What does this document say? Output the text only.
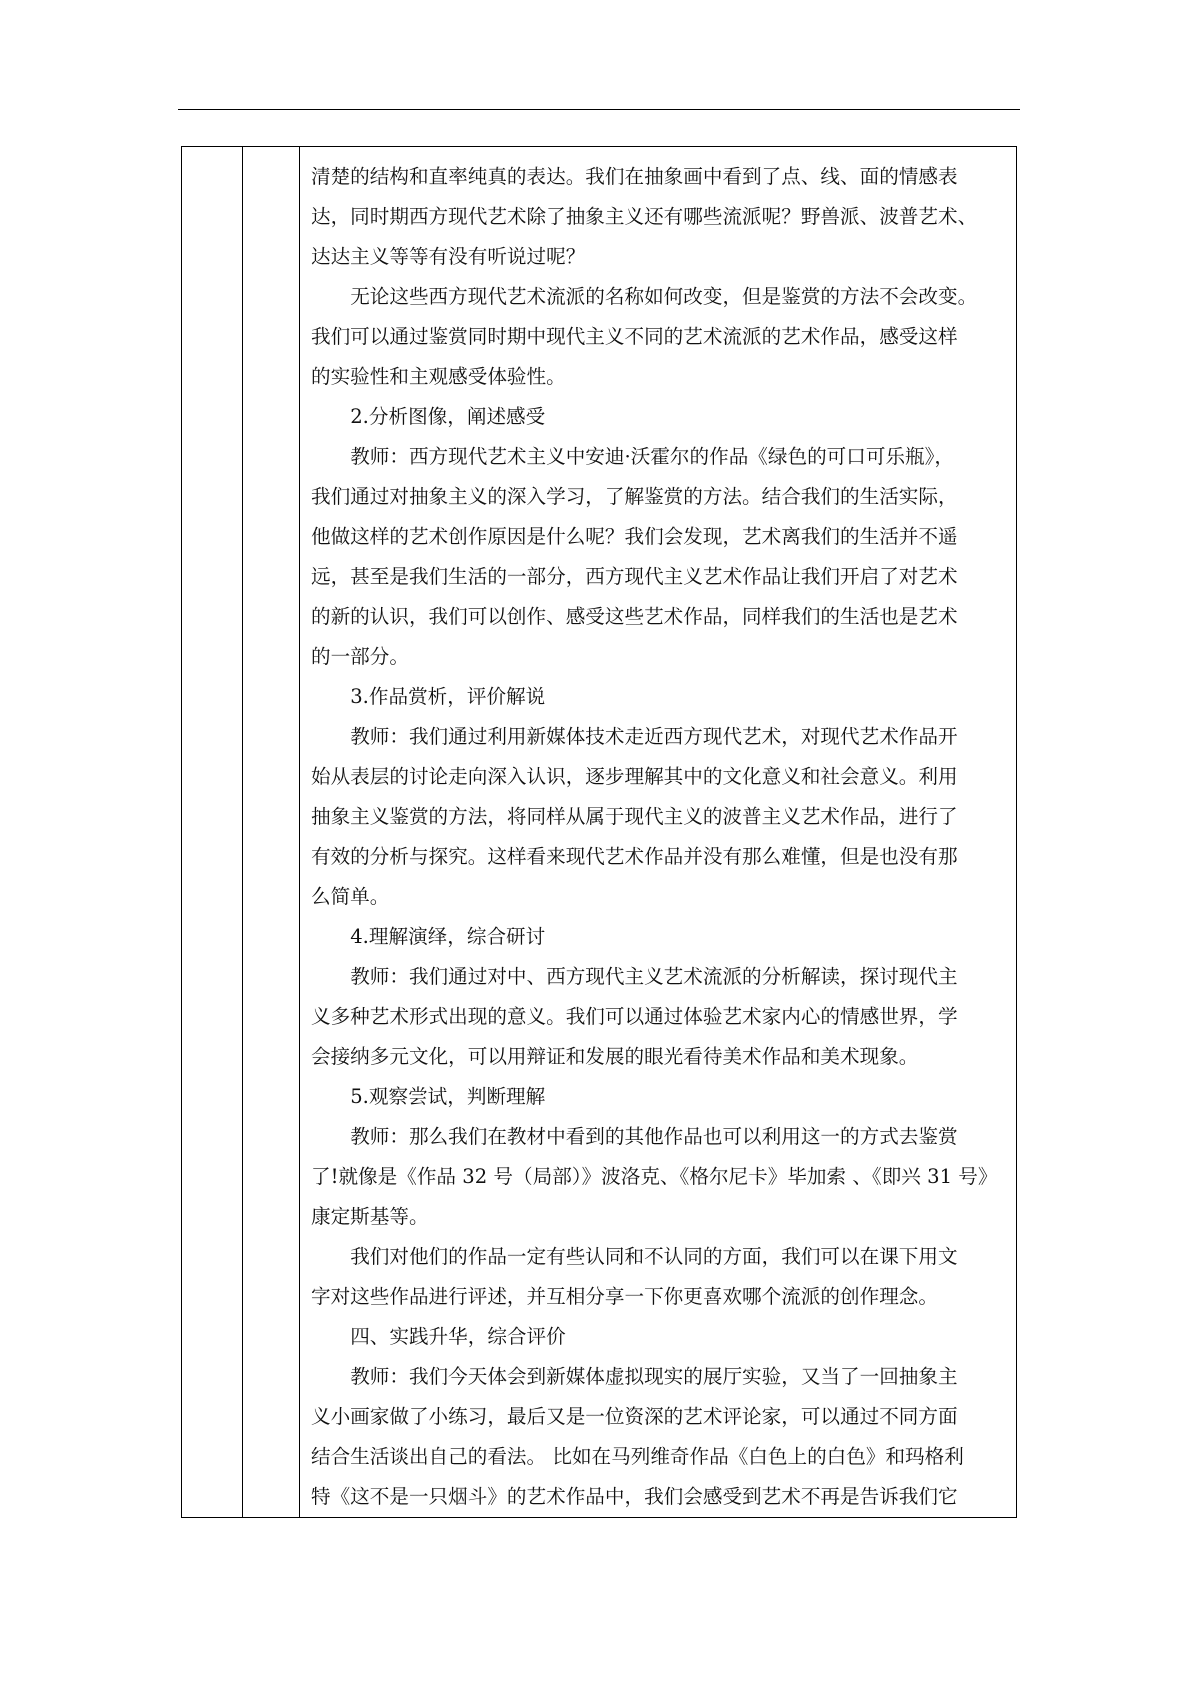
清楚的结构和直率纯真的表达。我们在抽象画中看到了点、线、面的情感表
达，同时期西方现代艺术除了抽象主义还有哪些流派呢？野兽派、波普艺术、
达达主义等等有没有听说过呢？
无论这些西方现代艺术流派的名称如何改变，但是鉴赏的方法不会改变。
我们可以通过鉴赏同时期中现代主义不同的艺术流派的艺术作品，感受这样
的实验性和主观感受体验性。
2.分析图像，阐述感受
教师：西方现代艺术主义中安迪·沃霍尔的作品《绿色的可口可乐瓶》，
我们通过对抽象主义的深入学习，了解鉴赏的方法。结合我们的生活实际，
他做这样的艺术创作原因是什么呢？我们会发现，艺术离我们的生活并不遥
远，甚至是我们生活的一部分，西方现代主义艺术作品让我们开启了对艺术
的新的认识，我们可以创作、感受这些艺术作品，同样我们的生活也是艺术
的一部分。
3.作品赏析，评价解说
教师：我们通过利用新媒体技术走近西方现代艺术，对现代艺术作品开
始从表层的讨论走向深入认识，逐步理解其中的文化意义和社会意义。利用
抽象主义鉴赏的方法，将同样从属于现代主义的波普主义艺术作品，进行了
有效的分析与探究。这样看来现代艺术作品并没有那么难懂，但是也没有那
么简单。
4.理解演绎，综合研讨
教师：我们通过对中、西方现代主义艺术流派的分析解读，探讨现代主
义多种艺术形式出现的意义。我们可以通过体验艺术家内心的情感世界，学
会接纳多元文化，可以用辩证和发展的眼光看待美术作品和美术现象。
5.观察尝试，判断理解
教师：那么我们在教材中看到的其他作品也可以利用这一的方式去鉴赏
了!就像是《作品 32 号（局部）》波洛克、《格尔尼卡》毕加索 、《即兴 31 号》
康定斯基等。
我们对他们的作品一定有些认同和不认同的方面，我们可以在课下用文
字对这些作品进行评述，并互相分享一下你更喜欢哪个流派的创作理念。
四、实践升华，综合评价
教师：我们今天体会到新媒体虚拟现实的展厅实验，又当了一回抽象主
义小画家做了小练习，最后又是一位资深的艺术评论家，可以通过不同方面
结合生活谈出自己的看法。 比如在马列维奇作品《白色上的白色》和玛格利
特《这不是一只烟斗》的艺术作品中，我们会感受到艺术不再是告诉我们它
